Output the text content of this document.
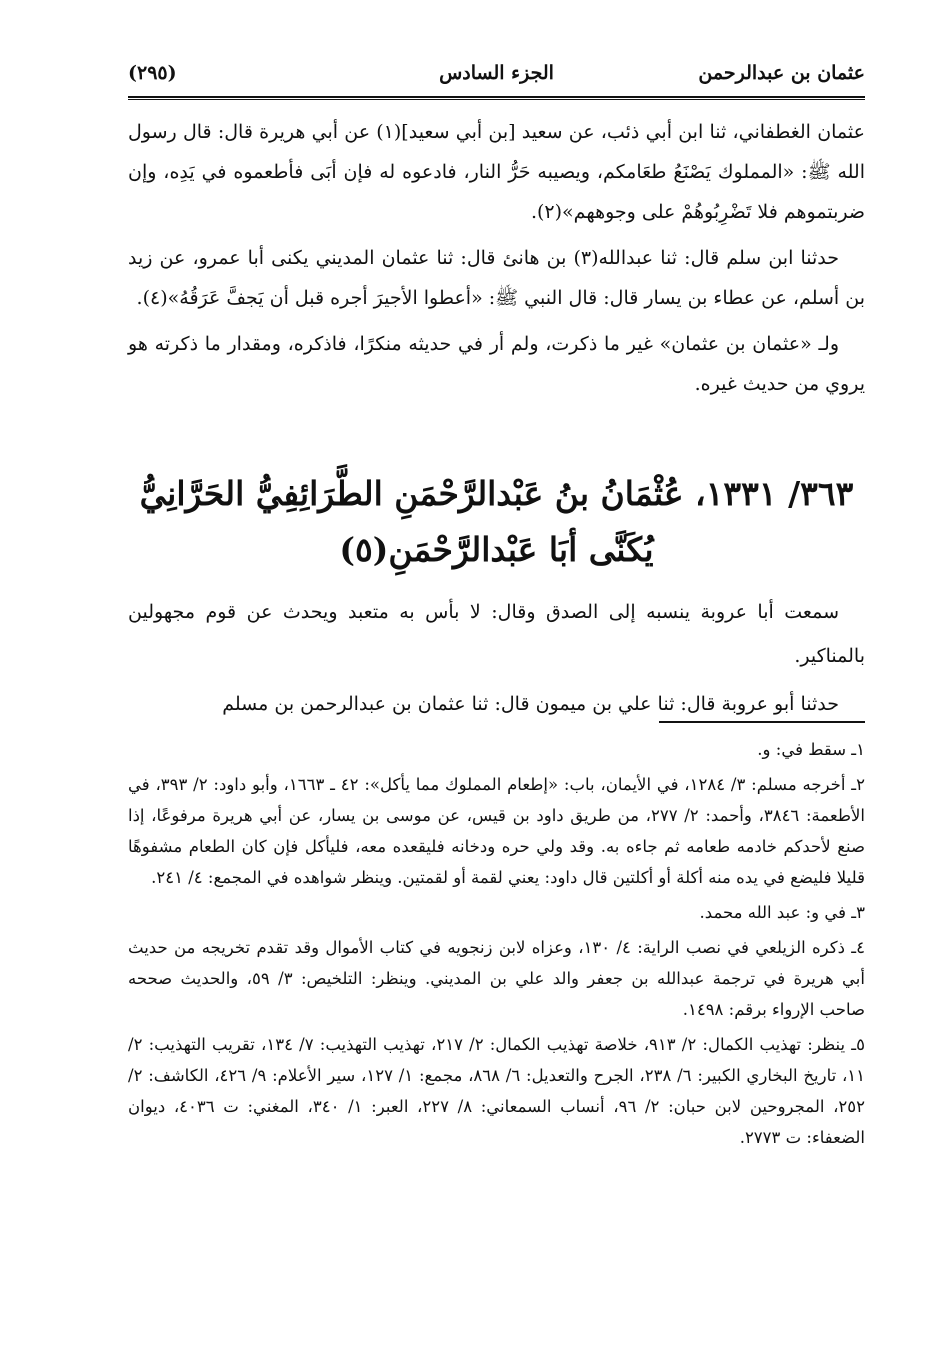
عثمان بن عبدالرحمن
الجزء السادس
(٢٩٥)

عثمان الغطفاني، ثنا ابن أبي ذئب، عن سعيد [بن أبي سعيد](١) عن أبي هريرة قال: قال رسول الله ﷺ: «المملوك يَصْنَعُ طعَامكم، ويصيبه حَرُّ النار، فادعوه له فإن أبَى فأطعموه في يَدِه، وإن ضربتموهم فلا تَضْرِبُوهُمْ على وجوههم»(٢).

حدثنا ابن سلم قال: ثنا عبدالله(٣) بن هانئ قال: ثنا عثمان المديني يكنى أبا عمرو، عن زيد بن أسلم، عن عطاء بن يسار قال: قال النبي ﷺ: «أعطوا الأجيرَ أجره قبل أن يَجفَّ عَرَقُهُ»(٤).

ولـ «عثمان بن عثمان» غير ما ذكرت، ولم أر في حديثه منكرًا، فاذكره، ومقدار ما ذكرته هو يروي من حديث غيره.

٣٦٣/ ١٣٣١، عُثْمَانُ بنُ عَبْدالرَّحْمَنِ الطَّرَائِفِيُّ الحَرَّانِيُّ
يُكَنَّى أبَا عَبْدالرَّحْمَنِ(٥)

سمعت أبا عروبة ينسبه إلى الصدق وقال: لا بأس به متعبد ويحدث عن قوم مجهولين بالمناكير.

حدثنا أبو عروبة قال: ثنا علي بن ميمون قال: ثنا عثمان بن عبدالرحمن بن مسلم

١ـ سقط في: و.

٢ـ أخرجه مسلم: ٣/ ١٢٨٤، في الأيمان، باب: «إطعام المملوك مما يأكل»: ٤٢ ـ ١٦٦٣، وأبو داود: ٢/ ٣٩٣، في الأطعمة: ٣٨٤٦، وأحمد: ٢/ ٢٧٧، من طريق داود بن قيس، عن موسى بن يسار، عن أبي هريرة مرفوعًا، إذا صنع لأحدكم خادمه طعامه ثم جاءه به. وقد ولي حره ودخانه فليقعده معه، فليأكل فإن كان الطعام مشفوهًا قليلا فليضع في يده منه أكلة أو أكلتين قال داود: يعني لقمة أو لقمتين. وينظر شواهده في المجمع: ٤/ ٢٤١.

٣ـ في و: عبد الله محمد.

٤ـ ذكره الزيلعي في نصب الراية: ٤/ ١٣٠، وعزاه لابن زنجويه في كتاب الأموال وقد تقدم تخريجه من حديث أبي هريرة في ترجمة عبدالله بن جعفر والد علي بن المديني. وينظر: التلخيص: ٣/ ٥٩، والحديث صححه صاحب الإرواء برقم: ١٤٩٨.

٥ـ ينظر: تهذيب الكمال: ٢/ ٩١٣، خلاصة تهذيب الكمال: ٢/ ٢١٧، تهذيب التهذيب: ٧/ ١٣٤، تقريب التهذيب: ٢/ ١١، تاريخ البخاري الكبير: ٦/ ٢٣٨، الجرح والتعديل: ٦/ ٨٦٨، مجمع: ١/ ١٢٧، سير الأعلام: ٩/ ٤٢٦، الكاشف: ٢/ ٢٥٢، المجروحين لابن حبان: ٢/ ٩٦، أنساب السمعاني: ٨/ ٢٢٧، العبر: ١/ ٣٤٠، المغني: ت ٤٠٣٦، ديوان الضعفاء: ت ٢٧٧٣.
